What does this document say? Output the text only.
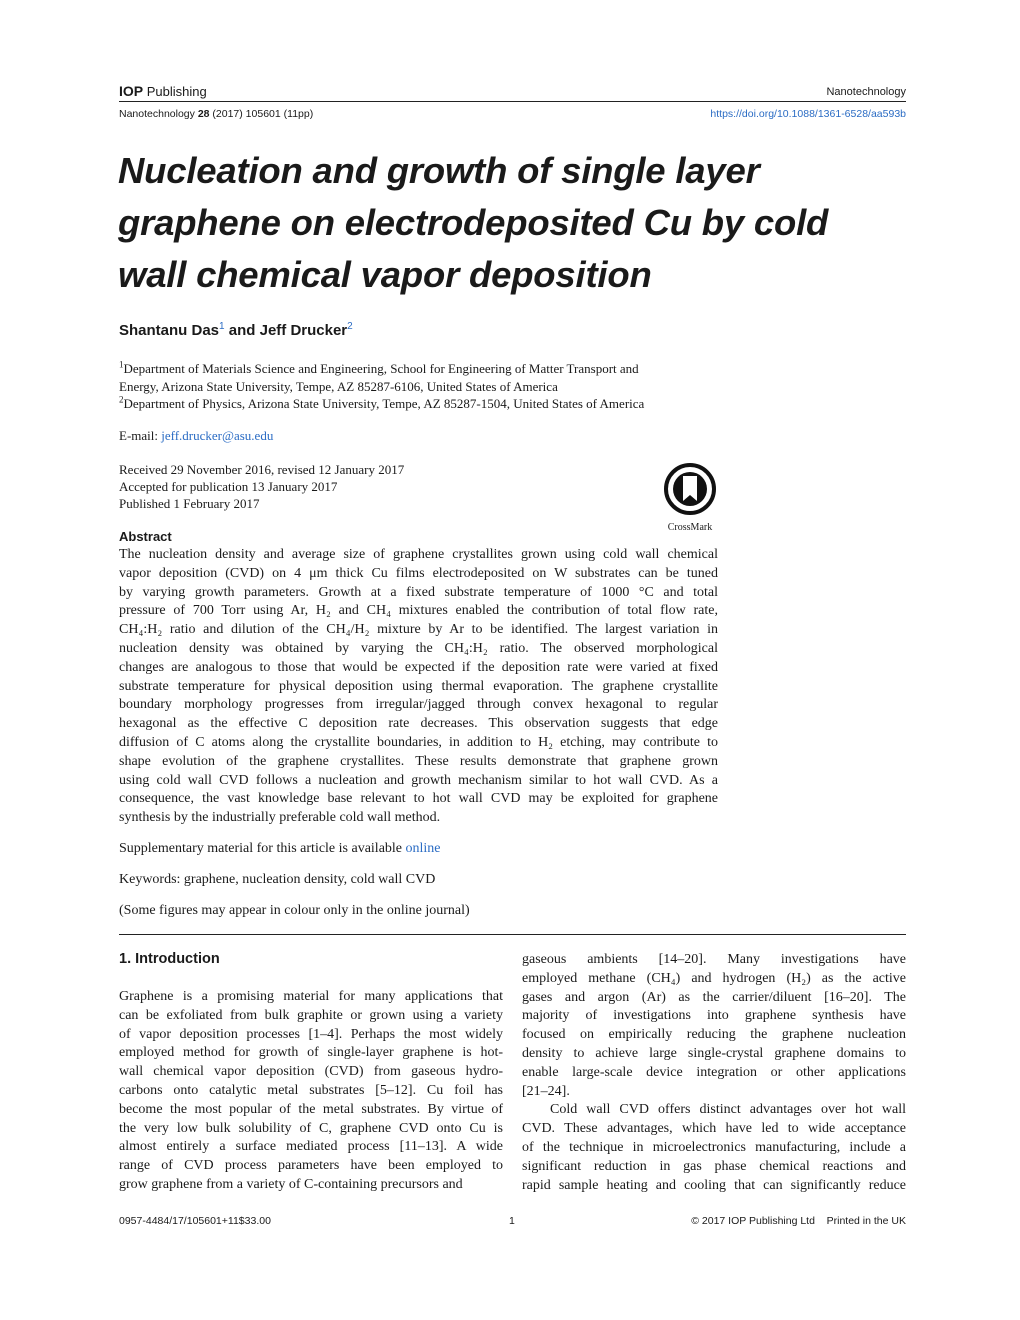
IOP Publishing	Nanotechnology
Nanotechnology 28 (2017) 105601 (11pp)	https://doi.org/10.1088/1361-6528/aa593b
Nucleation and growth of single layer graphene on electrodeposited Cu by cold wall chemical vapor deposition
Shantanu Das$^1$ and Jeff Drucker$^2$
$^1$Department of Materials Science and Engineering, School for Engineering of Matter Transport and
Energy, Arizona State University, Tempe, AZ 85287-6106, United States of America
$^2$Department of Physics, Arizona State University, Tempe, AZ 85287-1504, United States of America
E-mail: jeff.drucker@asu.edu
Received 29 November 2016, revised 12 January 2017
Accepted for publication 13 January 2017
Published 1 February 2017
CrossMark
Abstract
The nucleation density and average size of graphene crystallites grown using cold wall chemical
vapor deposition (CVD) on 4 μm thick Cu films electrodeposited on W substrates can be tuned
by varying growth parameters. Growth at a fixed substrate temperature of 1000 °C and total
pressure of 700 Torr using Ar, H₂ and CH₄ mixtures enabled the contribution of total flow rate,
CH₄:H₂ ratio and dilution of the CH₄/H₂ mixture by Ar to be identified. The largest variation in
nucleation density was obtained by varying the CH₄:H₂ ratio. The observed morphological
changes are analogous to those that would be expected if the deposition rate were varied at fixed
substrate temperature for physical deposition using thermal evaporation. The graphene crystallite
boundary morphology progresses from irregular/jagged through convex hexagonal to regular
hexagonal as the effective C deposition rate decreases. This observation suggests that edge
diffusion of C atoms along the crystallite boundaries, in addition to H₂ etching, may contribute to
shape evolution of the graphene crystallites. These results demonstrate that graphene grown
using cold wall CVD follows a nucleation and growth mechanism similar to hot wall CVD. As a
consequence, the vast knowledge base relevant to hot wall CVD may be exploited for graphene
synthesis by the industrially preferable cold wall method.
Supplementary material for this article is available online
Keywords: graphene, nucleation density, cold wall CVD
(Some figures may appear in colour only in the online journal)
1. Introduction
Graphene is a promising material for many applications that
can be exfoliated from bulk graphite or grown using a variety
of vapor deposition processes [1–4]. Perhaps the most widely
employed method for growth of single-layer graphene is hot-
wall chemical vapor deposition (CVD) from gaseous hydro-
carbons onto catalytic metal substrates [5–12]. Cu foil has
become the most popular of the metal substrates. By virtue of
the very low bulk solubility of C, graphene CVD onto Cu is
almost entirely a surface mediated process [11–13]. A wide
range of CVD process parameters have been employed to
grow graphene from a variety of C-containing precursors and
gaseous ambients [14–20]. Many investigations have
employed methane (CH₄) and hydrogen (H₂) as the active
gases and argon (Ar) as the carrier/diluent [16–20]. The
majority of investigations into graphene synthesis have
focused on empirically reducing the graphene nucleation
density to achieve large single-crystal graphene domains to
enable large-scale device integration or other applications
[21–24].
Cold wall CVD offers distinct advantages over hot wall
CVD. These advantages, which have led to wide acceptance
of the technique in microelectronics manufacturing, include a
significant reduction in gas phase chemical reactions and
rapid sample heating and cooling that can significantly reduce
0957-4484/17/105601+11$33.00	1	© 2017 IOP Publishing Ltd    Printed in the UK
